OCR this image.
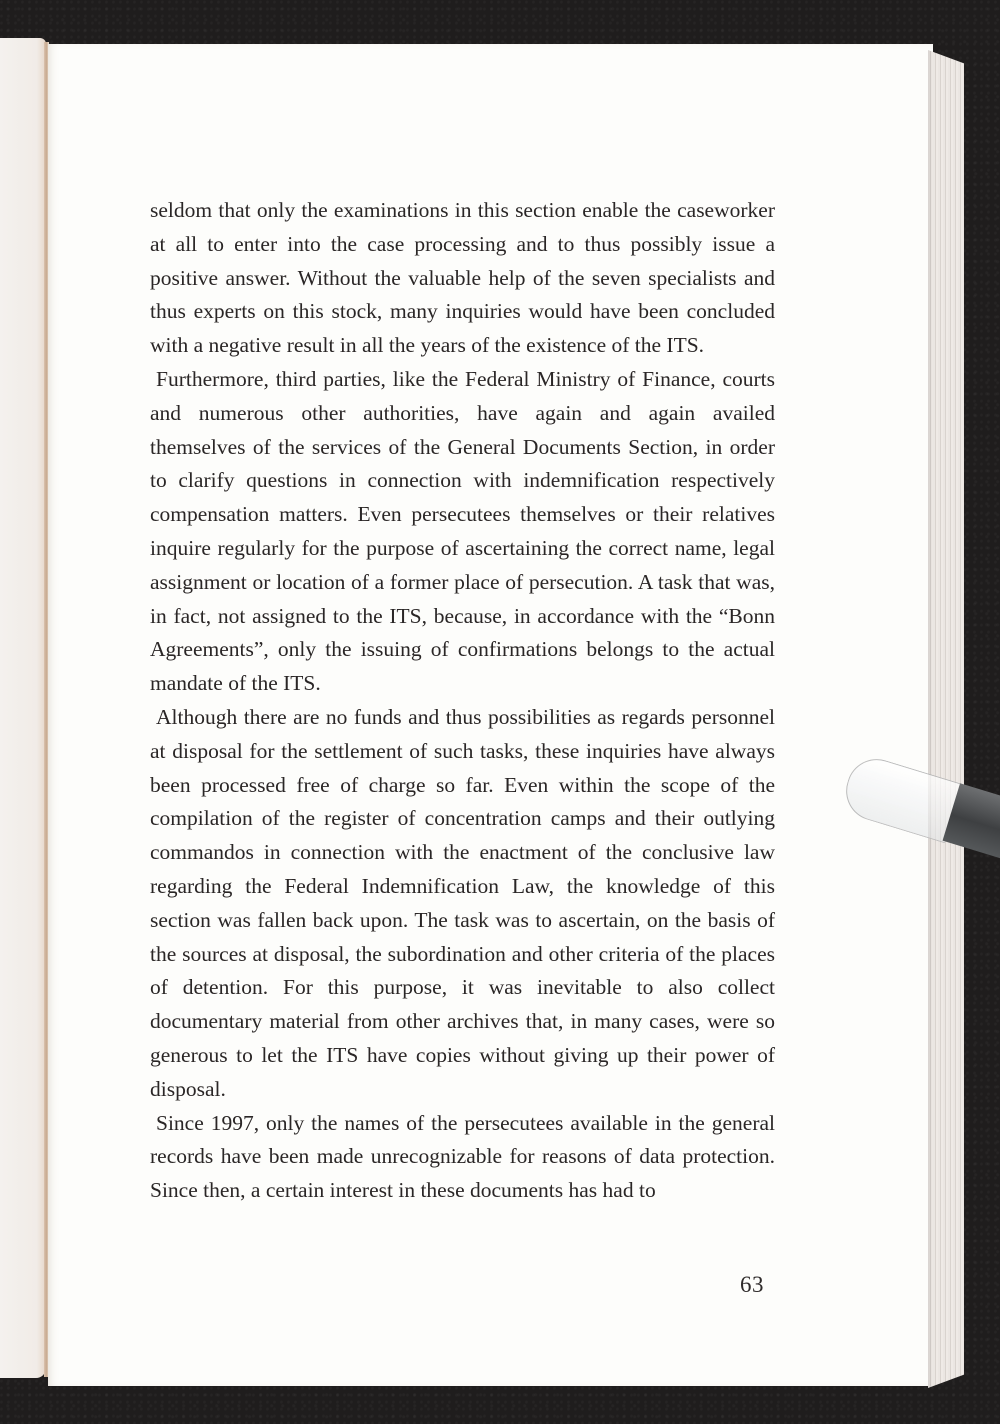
seldom that only the examinations in this section enable the caseworker at all to enter into the case processing and to thus possibly issue a positive answer. Without the valuable help of the seven specialists and thus experts on this stock, many inquiries would have been concluded with a negative result in all the years of the existence of the ITS.

Furthermore, third parties, like the Federal Ministry of Finance, courts and numerous other authorities, have again and again availed themselves of the services of the General Documents Section, in order to clarify questions in connection with indemnification respectively compensation matters. Even persecutees themselves or their relatives inquire regularly for the purpose of ascertaining the correct name, legal assignment or location of a former place of persecution. A task that was, in fact, not assigned to the ITS, because, in accordance with the “Bonn Agreements”, only the issuing of confirmations belongs to the actual mandate of the ITS.

Although there are no funds and thus possibilities as regards personnel at disposal for the settlement of such tasks, these inquiries have always been processed free of charge so far. Even within the scope of the compilation of the register of concentration camps and their outlying commandos in connection with the enactment of the conclusive law regarding the Federal Indemnification Law, the knowledge of this section was fallen back upon. The task was to ascertain, on the basis of the sources at disposal, the subordination and other criteria of the places of detention. For this purpose, it was inevitable to also collect documentary material from other archives that, in many cases, were so generous to let the ITS have copies without giving up their power of disposal.

Since 1997, only the names of the persecutees available in the general records have been made unrecognizable for reasons of data protection. Since then, a certain interest in these documents has had to

63
